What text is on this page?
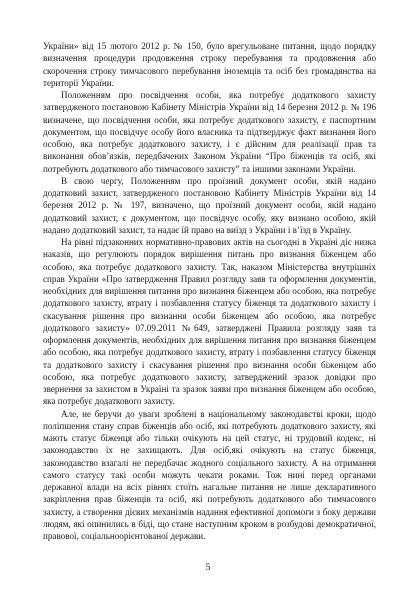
України» від 15 лютого 2012 р. № 150, було врегульоване питання, щодо порядку визначення процедури продовження строку перебування та продовження або скорочення строку тимчасового перебування іноземців та осіб без громадянства на території України.

Положенням про посвідчення особи, яка потребує додаткового захисту затвердженого постановою Кабінету Міністрів України від 14 березня 2012 р. № 196 визначене, що посвідчення особи, яка потребує додаткового захисту, є паспортним документом, що посвідчує особу його власника та підтверджує факт визнання його особою, яка потребує додаткового захисту, і є дійсним для реалізації прав та виконання обов’язків, передбачених Законом України “Про біженців та осіб, які потребують додаткового або тимчасового захисту” та іншими законами України.

В свою чергу, Положенням про проїзний документ особи, якій надано додатковий захист, затвердженого постановою Кабінету Міністрів України від 14 березня 2012 р. № 197, визначено, що проїзний документ особи, якій надано додатковий захист, є документом, що посвідчує особу, яку визнано особою, якій надано додатковий захист, та надає їй право на виїзд з України і в’їзд в Україну.

На рівні підзаконних нормативно-правових актів на сьогодні в Україні діє низка наказів, що регулюють порядок вирішення питань про визнання біженцем або особою, яка потребує додаткового захисту. Так, наказом Міністерства внутрішніх справ України «Про затвердження Правил розгляду заяв та оформлення документів, необхідних для вирішення питання про визнання біженцем або особою, яка потребує додаткового захисту, втрату і позбавлення статусу біженця та додаткового захисту і скасування рішення про визнання особи біженцем або особою, яка потребує додаткового захисту» 07.09.2011 №649, затверджені Правила розгляду заяв та оформлення документів, необхідних для вирішення питання про визнання біженцем або особою, яка потребує додаткового захисту, втрату і позбавлення статусу біженця та додаткового захисту і скасування рішення про визнання особи біженцем або особою, яка потребує додаткового захисту, затверджений зразок довідки про звернення за захистом в Україні та зразок заяви про визнання біженцем або особою, яка потребує додаткового захисту.

Але, не беручи до уваги зроблені в національному законодавстві кроки, щодо поліпшення стану справ біженців або осіб, які потребують додаткового захисту, які мають статус біженця або тільки очікують на цей статус, ні трудовий кодекс, ні законодавство їх не захищають. Для осіб,які очікують на статус біженця, законодавство взагалі не передбачає жодного соціального захисту. А на отримання самого статусу такі особи можуть чекати роками. Тож нині перед органами державної влади на всіх рівнях стоїть нагальне питання не лише декларативного закріплення прав біженців та осіб, які потребують додаткового або тимчасового захисту, а створення дієвих механізмів надання ефективної допомоги з боку держави людям, які опинились в біді, що стане наступним кроком в розбудові демократичної, правової, соціальноорієнтованої держави.

5
